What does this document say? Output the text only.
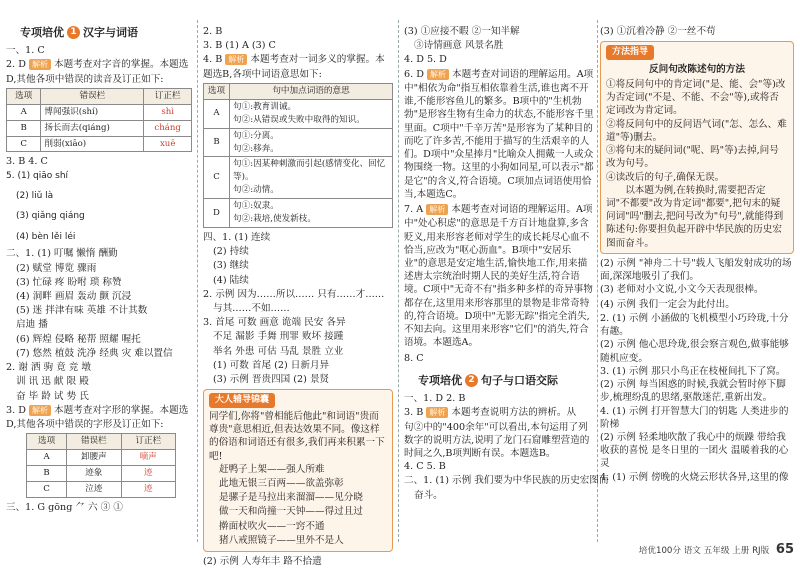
专项培优 1 汉字与词语

一、1. C

2. D 解析 本题考查对字音的掌握。本题选

D,其他各项中错误的读音及订正如下:

选项	错误栏	订正栏
A	博闻强识(shí)	shì
B	扬长而去(qiáng)	cháng
C	削弱(xiāo)	xuē

3. B 4. C

5. (1) qiāo shí

(2) liǔ là

(3) qiǎng qiáng

(4) bèn lěi léi

二、1. (1) 叮嘱 懒惰 酬勤

(2) 赋堂 博览 骤雨

(3) 忙碌 疼 盼咐 琐 称赞

(4) 洞畔 画眉 轰动 颤 沉浸

(5) 迷 拌津有味 英雄 不计其数

启迪 播

(6) 辉煌 侵略 秘帮 照耀 喔托

(7) 悠然 植鼓 洗净 经典 灾 难以置信

2. 谢 洒 驹 竟 竞 墩

训 讯 迅 献 限 殿

奋 毕 龄 试 势 氏

3. D 解析 本题考查对字形的掌握。本题选

D,其他各项中错误的字形及订正如下:

选项	错误栏	订正栏
A	卸腰声	嘀声
B	迹象	迹
C	泣迹	迹

三、1. G gōng ⺈ 六 ③ ①

2. B

3. B (1) A (3) C

4. B 解析 本题考查对一词多义的掌握。本

题选B,各项中词语意思如下:

选项	句中加点词语的意思
A	句①:教育训诫。
句②:从错误或失败中取得的知识。
B	句①:分离。
句②:移奔。
C	句①:因某种刺激而引起(感情变化、回忆等)。
句②:动情。
D	句①:奴隶。
句②:栽培,使发新枝。

四、1. (1) 连续

(2) 持续

(3) 继续

(4) 陆续

2. 示例 因为……所以…… 只有……才……

与其……不如……

3. 首尾 可数 画意 诡端 民安 各异

不足 漏影 手舞 刑罪 败坏 接踵

举名 外患 可估 马乱 景胜 立业

(1) 可数 首尾 (2) 日新月异

(3) 示例 晋贵四国 (2) 景贤

大人辅导锦囊

同学们,你将"曾相能后他此"和词语"贵而尊贵"意思相近,但表达效果不同。像这样的俗语和词语还有很多,我们再来积累一下吧!

赶鸭子上架——强人所难

此地无银三百两——欲盖弥彰

是骡子是马拉出来溜溜——见分晓

做一天和尚撞一天钟——得过且过

擀面杖吹火——一窍不通

猪八戒照镜子——里外不是人

(2) 示例 人寿年丰 路不拾遗

(3) ①应接不暇 ②一知半解

③诗情画意 风景名胜

4. D 5. D

6. D 解析 本题考查对词语的理解运用。A项

中"相依为命"指互相依靠着生活,谁也离不开谁,不能形容鱼儿的繁多。B项中的"生机勃勃"是形容生物有生命力的状态,不能形容千里里面。C项中"千辛万苦"是形容为了某种目的而吃了许多苦,不能用于描写的生活艰辛的人们。D项中"众星捧月"比喻众人拥戴一人或众物围绕一物。这里的小狗如同星,可以表示"都是它"的含义,符合语境。C项加点词语使用恰当,本题选C。

7. A 解析 本题考查对词语的理解运用。A项

中"处心积虑"的意思是千方百计地盘算,多含贬义,用来形容老师对学生的成长耗尽心血不恰当,应改为"呕心沥血"。B项中"安居乐业"的意思是安定地生活,愉快地工作,用来描述唐太宗统治时期人民的美好生活,符合语境。C项中"无奇不有"指多种多样的奇异事物都存在,这里用来形容那里的景物是非常奇特的,符合语境。D项中"无影无踪"指完全消失,不知去向。这里用来形容"它们"的消失,符合语境。本题选A。

8. C

专项培优 2 句子与口语交际

一、1. D 2. B

3. B 解析 本题考查说明方法的辨析。从

句②中的"400余年"可以看出,本句运用了列数字的说明方法,说明了龙门石窟雕塑营造的时间之久,B项判断有误。本题选B。

4. C 5. B

二、1. (1) 示例 我们要为中华民族的历史宏图而

奋斗。

(3) ①沉着冷静 ②一丝不苟

方法指导
反问句改陈述句的方法

①将反问句中的肯定词("是、能、会"等)改为否定词("不是、不能、不会"等),或将否定词改为肯定词。

②将反问句中的反问语气词("怎、怎么、难道"等)删去。

③将句末的疑问词("呢、吗"等)去掉,问号改为句号。

④读改后的句子,确保无误。

以本题为例,在转换时,需要把否定词"不都要"改为肯定词"都要",把句末的疑问词"吗"删去,把问号改为"句号",就能得到陈述句:你要担负起开辟中华民族的历史宏图而奋斗。

(2) 示例 "神舟二十号"载人飞船发射成功的场面,深深地吸引了我们。

(3) 老师对小文说,小文今天表现很棒。

(4) 示例 我们一定会为此付出。

2. (1) 示例 小涵做的飞机模型小巧玲珑,十分有趣。

(2) 示例 他心思玲珑,很会察言观色,做事能够随机应变。

3. (1) 示例 那只小鸟正在枝桠间扎下了窝。

(2) 示例 每当困惑的时候,我就会暂时停下脚步,梳理纷乱的思绪,驱散迷茫,重新出发。

4. (1) 示例 打开智慧大门的钥匙 人类进步的阶梯

(2) 示例 轻柔地吹散了我心中的烦躁 带给我收获的喜悦 是冬日里的一团火 温暖着我的心灵

4. (1) 示例 傍晚的火烧云形状各异,这里的像

培优100分 语文 五年级 上册 RJ版 65
